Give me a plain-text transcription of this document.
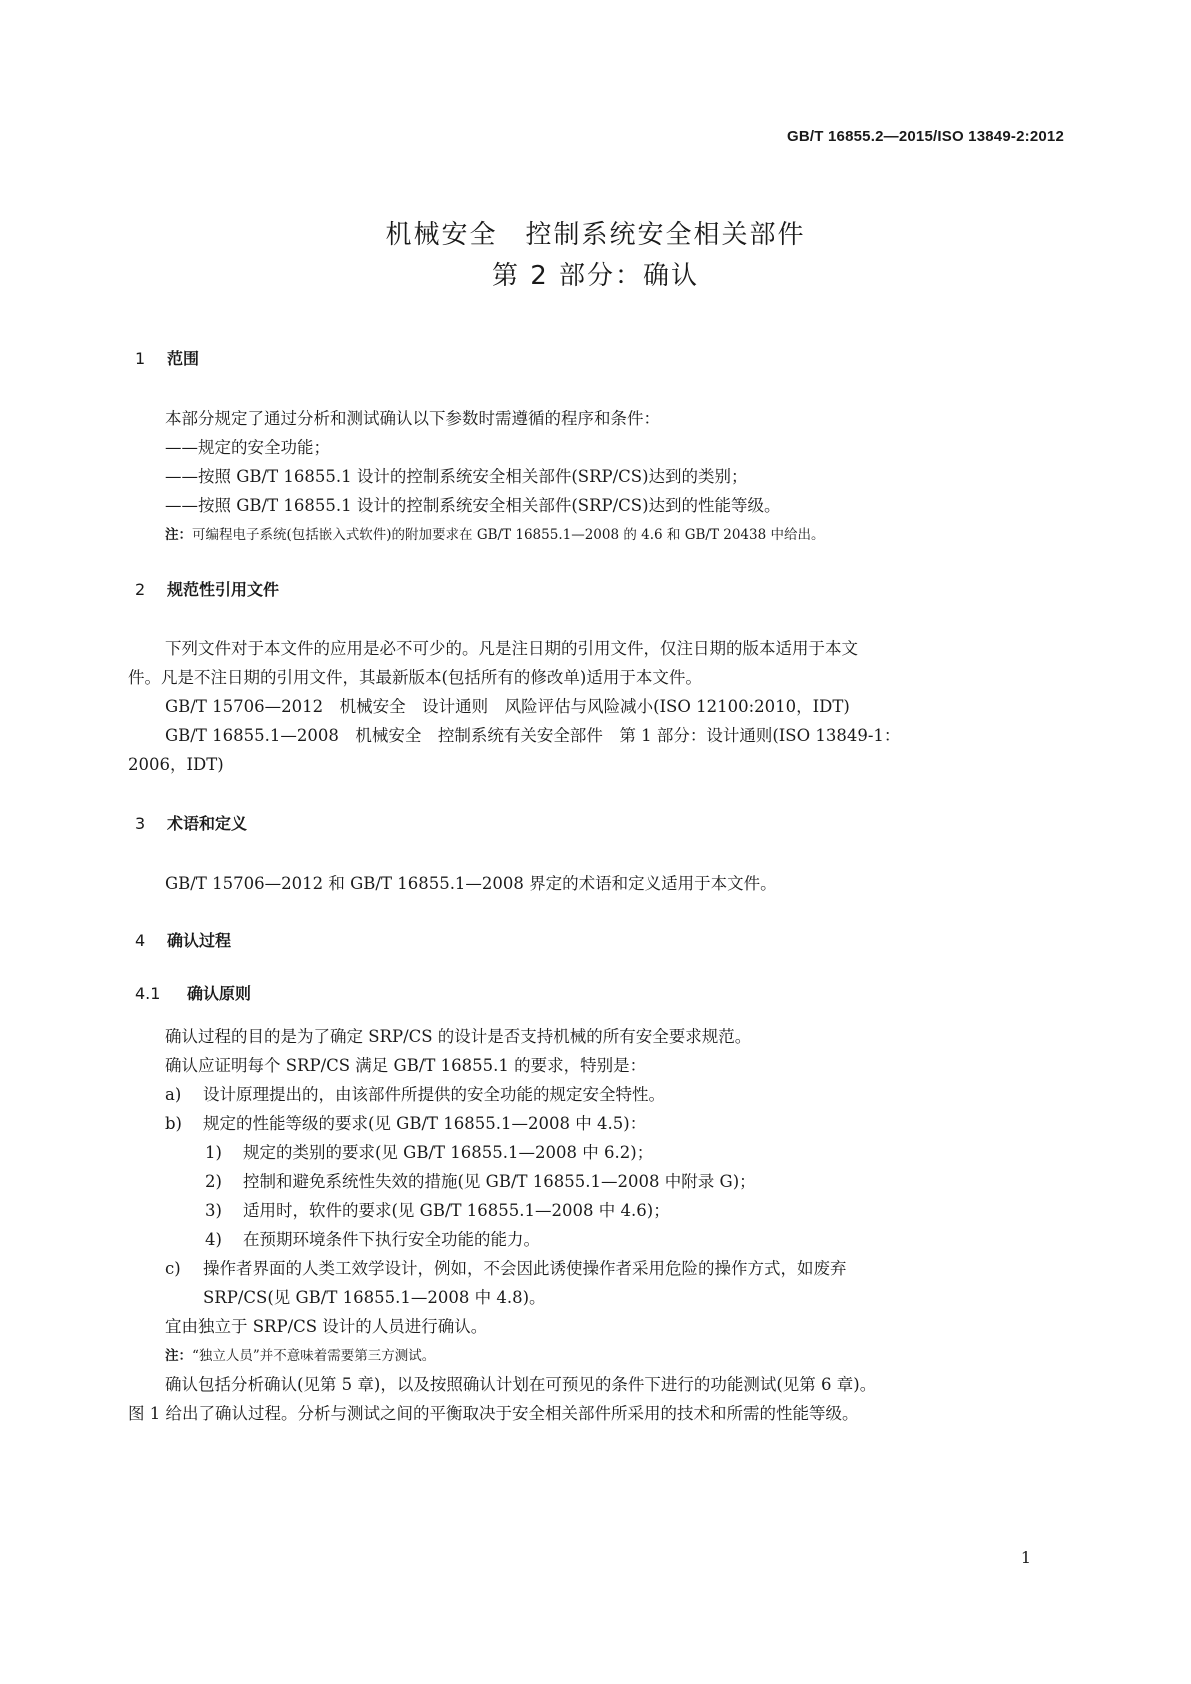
GB/T 16855.2—2015/ISO 13849-2:2012
机械安全　控制系统安全相关部件
第 2 部分：确认
1 范围
本部分规定了通过分析和测试确认以下参数时需遵循的程序和条件：
——规定的安全功能；
——按照 GB/T 16855.1 设计的控制系统安全相关部件(SRP/CS)达到的类别；
——按照 GB/T 16855.1 设计的控制系统安全相关部件(SRP/CS)达到的性能等级。
注：可编程电子系统(包括嵌入式软件)的附加要求在 GB/T 16855.1—2008 的 4.6 和 GB/T 20438 中给出。
2 规范性引用文件
下列文件对于本文件的应用是必不可少的。凡是注日期的引用文件，仅注日期的版本适用于本文
件。凡是不注日期的引用文件，其最新版本(包括所有的修改单)适用于本文件。
GB/T 15706—2012　机械安全　设计通则　风险评估与风险减小(ISO 12100:2010，IDT)
GB/T 16855.1—2008　机械安全　控制系统有关安全部件　第 1 部分：设计通则(ISO 13849-1：
2006，IDT)
3 术语和定义
GB/T 15706—2012 和 GB/T 16855.1—2008 界定的术语和定义适用于本文件。
4 确认过程
4.1 确认原则
确认过程的目的是为了确定 SRP/CS 的设计是否支持机械的所有安全要求规范。
确认应证明每个 SRP/CS 满足 GB/T 16855.1 的要求，特别是：
a) 设计原理提出的，由该部件所提供的安全功能的规定安全特性。
b) 规定的性能等级的要求(见 GB/T 16855.1—2008 中 4.5)：
1) 规定的类别的要求(见 GB/T 16855.1—2008 中 6.2)；
2) 控制和避免系统性失效的措施(见 GB/T 16855.1—2008 中附录 G)；
3) 适用时，软件的要求(见 GB/T 16855.1—2008 中 4.6)；
4) 在预期环境条件下执行安全功能的能力。
c) 操作者界面的人类工效学设计，例如，不会因此诱使操作者采用危险的操作方式，如废弃
SRP/CS(见 GB/T 16855.1—2008 中 4.8)。
宜由独立于 SRP/CS 设计的人员进行确认。
注：“独立人员”并不意味着需要第三方测试。
确认包括分析确认(见第 5 章)，以及按照确认计划在可预见的条件下进行的功能测试(见第 6 章)。
图 1 给出了确认过程。分析与测试之间的平衡取决于安全相关部件所采用的技术和所需的性能等级。
1
